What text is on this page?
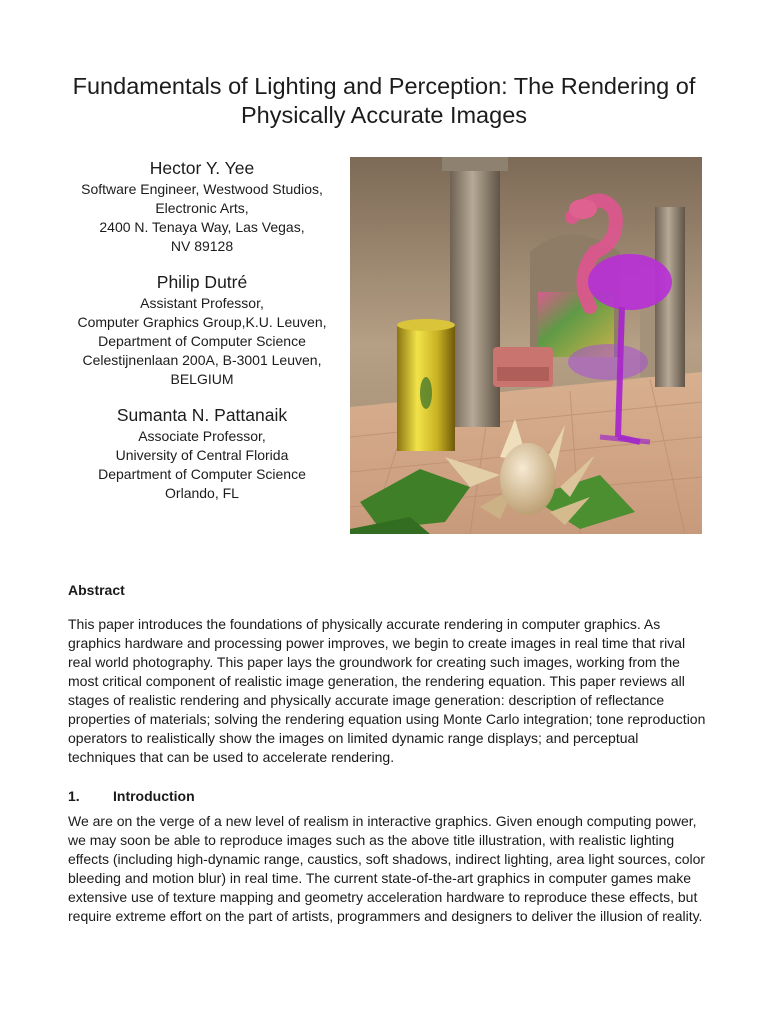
Fundamentals of Lighting and Perception: The Rendering of Physically Accurate Images
Hector Y. Yee
Software Engineer, Westwood Studios,
Electronic Arts,
2400 N. Tenaya Way, Las Vegas,
NV 89128
Philip Dutré
Assistant Professor,
Computer Graphics Group,K.U. Leuven,
Department of Computer Science
Celestijnenlaan 200A, B-3001 Leuven,
BELGIUM
Sumanta N. Pattanaik
Associate Professor,
University of Central Florida
Department of Computer Science
Orlando, FL
Abstract
This paper introduces the foundations of physically accurate rendering in computer graphics. As graphics hardware and processing power improves, we begin to create images in real time that rival real world photography. This paper lays the groundwork for creating such images, working from the most critical component of realistic image generation, the rendering equation. This paper reviews all stages of realistic rendering and physically accurate image generation: description of reflectance properties of materials; solving the rendering equation using Monte Carlo integration; tone reproduction operators to realistically show the images on limited dynamic range displays; and perceptual techniques that can be used to accelerate rendering.
1. Introduction
We are on the verge of a new level of realism in interactive graphics. Given enough computing power, we may soon be able to reproduce images such as the above title illustration, with realistic lighting effects (including high-dynamic range, caustics, soft shadows, indirect lighting, area light sources, color bleeding and motion blur) in real time. The current state-of-the-art graphics in computer games make extensive use of texture mapping and geometry acceleration hardware to reproduce these effects, but require extreme effort on the part of artists, programmers and designers to deliver the illusion of reality.
